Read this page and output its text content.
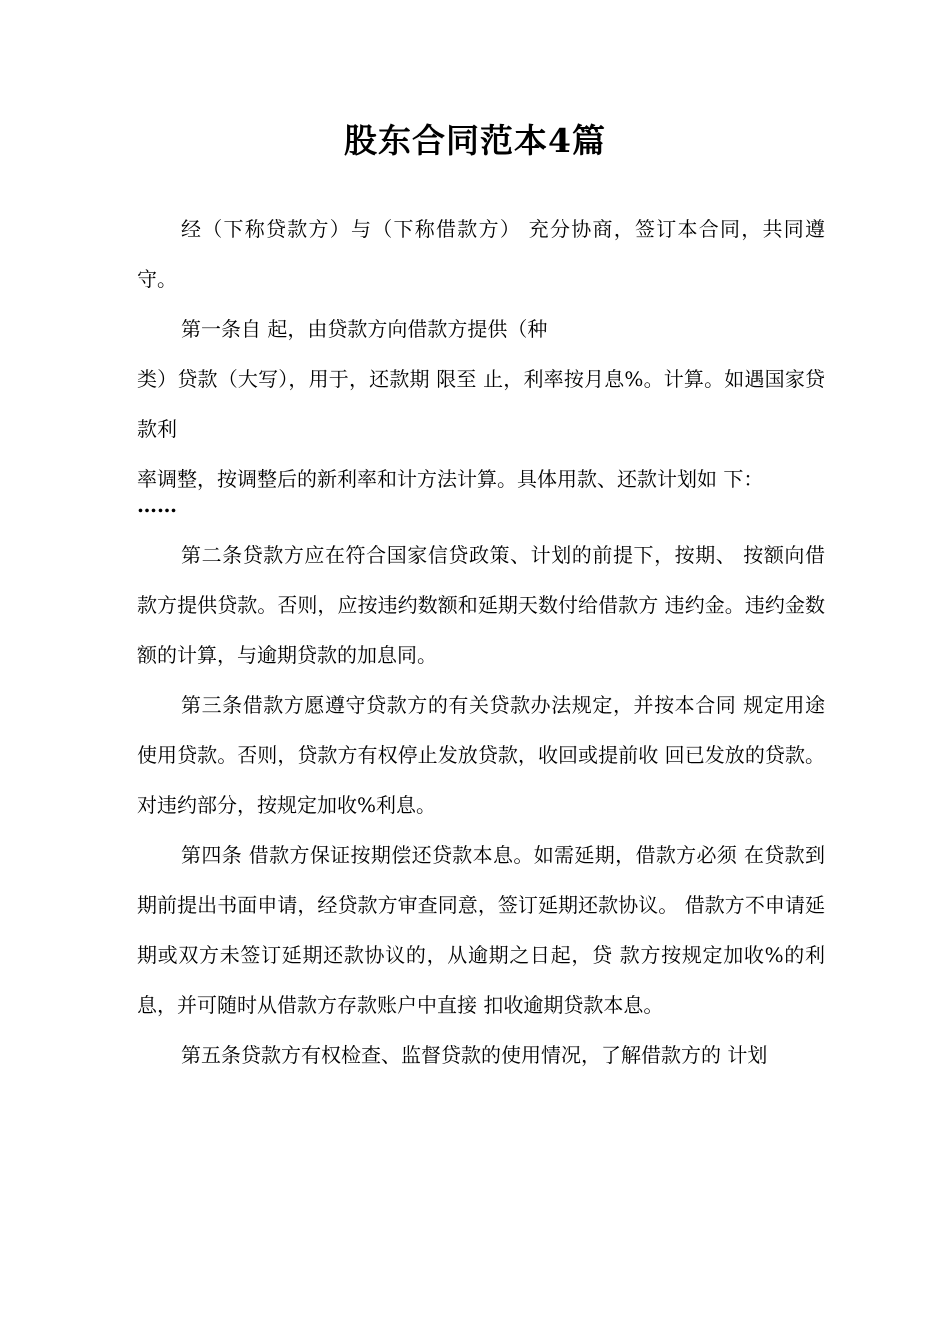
股东合同范本4篇

经（下称贷款方）与（下称借款方） 充分协商，签订本合同，共同遵守。

第一条自 起，由贷款方向借款方提供（种

类）贷款（大写），用于，还款期 限至 止，利率按月息%。计算。如遇国家贷款利

率调整，按调整后的新利率和计方法计算。具体用款、还款计划如 下：

……

第二条贷款方应在符合国家信贷政策、计划的前提下，按期、 按额向借款方提供贷款。否则，应按违约数额和延期天数付给借款方 违约金。违约金数额的计算，与逾期贷款的加息同。

第三条借款方愿遵守贷款方的有关贷款办法规定，并按本合同 规定用途使用贷款。否则，贷款方有权停止发放贷款，收回或提前收 回已发放的贷款。对违约部分，按规定加收%利息。

第四条 借款方保证按期偿还贷款本息。如需延期，借款方必须 在贷款到期前提出书面申请，经贷款方审查同意，签订延期还款协议。 借款方不申请延期或双方未签订延期还款协议的，从逾期之日起，贷 款方按规定加收%的利息，并可随时从借款方存款账户中直接 扣收逾期贷款本息。

第五条贷款方有权检查、监督贷款的使用情况，了解借款方的 计划
